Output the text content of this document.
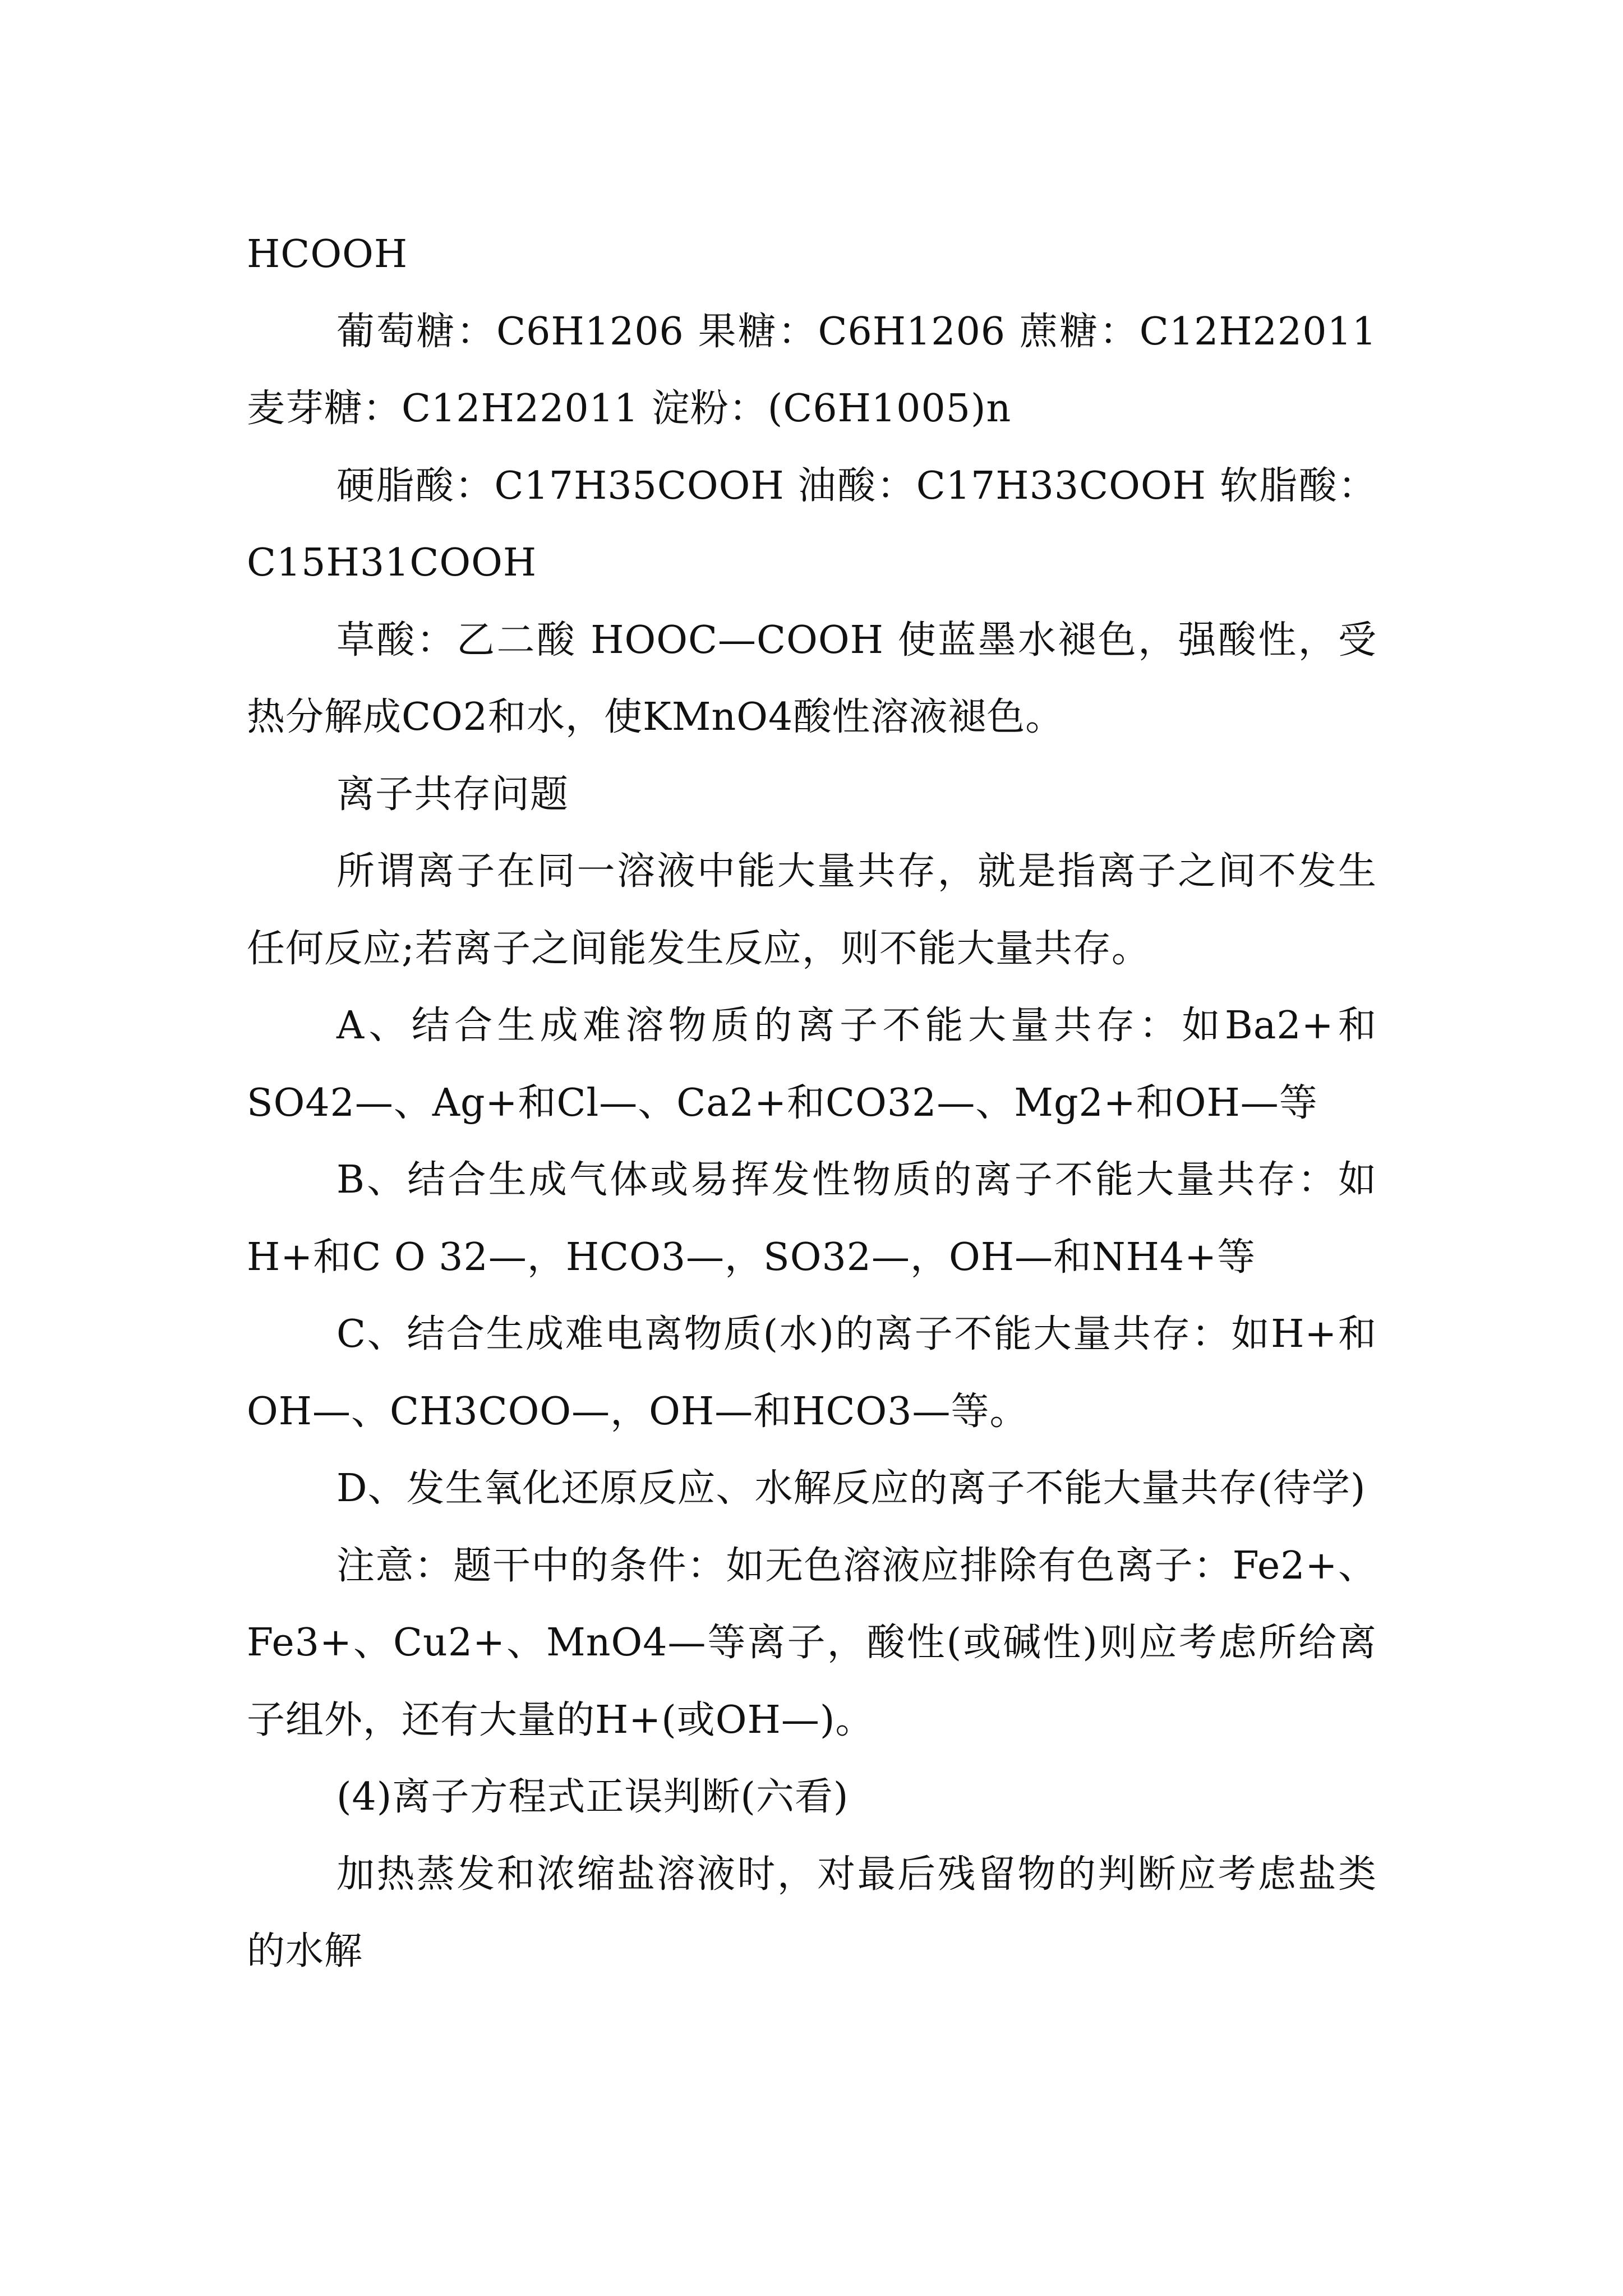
HCOOH

葡萄糖：C6H1206 果糖：C6H1206 蔗糖：C12H22011 麦芽糖：C12H22011 淀粉：(C6H1005)n

硬脂酸：C17H35COOH 油酸：C17H33COOH 软脂酸：C15H31COOH

草酸：乙二酸 HOOC—COOH 使蓝墨水褪色，强酸性，受热分解成CO2和水，使KMnO4酸性溶液褪色。

离子共存问题

所谓离子在同一溶液中能大量共存，就是指离子之间不发生任何反应;若离子之间能发生反应，则不能大量共存。

A、结合生成难溶物质的离子不能大量共存：如Ba2+和SO42—、Ag+和Cl—、Ca2+和CO32—、Mg2+和OH—等

B、结合生成气体或易挥发性物质的离子不能大量共存：如H+和C O 32—，HCO3—，SO32—，OH—和NH4+等

C、结合生成难电离物质(水)的离子不能大量共存：如H+和OH—、CH3COO—，OH—和HCO3—等。

D、发生氧化还原反应、水解反应的离子不能大量共存(待学)

注意：题干中的条件：如无色溶液应排除有色离子：Fe2+、Fe3+、Cu2+、MnO4—等离子，酸性(或碱性)则应考虑所给离子组外，还有大量的H+(或OH—)。

(4)离子方程式正误判断(六看)

加热蒸发和浓缩盐溶液时，对最后残留物的判断应考虑盐类的水解
